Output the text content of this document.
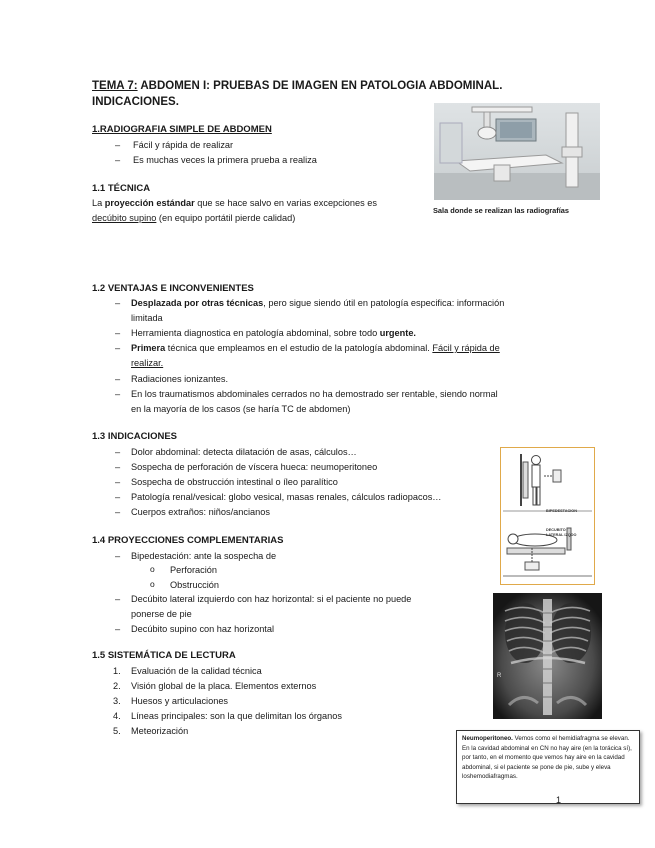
TEMA 7: ABDOMEN I: PRUEBAS DE IMAGEN EN PATOLOGIA ABDOMINAL.
INDICACIONES.
1.RADIOGRAFIA SIMPLE DE ABDOMEN
– Fácil y rápida de realizar
– Es muchas veces la primera prueba a realiza
1.1 TÉCNICA
La proyección estándar que se hace salvo en varias excepciones es
decúbito supino (en equipo portátil pierde calidad)
Sala donde se realizan las radiografías
1.2 VENTAJAS E INCONVENIENTES
– Desplazada por otras técnicas, pero sigue siendo útil en patología especifica: información
limitada
– Herramienta diagnostica en patología abdominal, sobre todo urgente.
– Primera técnica que empleamos en el estudio de la patología abdominal. Fácil y rápida de
realizar.
– Radiaciones ionizantes.
– En los traumatismos abdominales cerrados no ha demostrado ser rentable, siendo normal
en la mayoría de los casos (se haría TC de abdomen)
1.3 INDICACIONES
– Dolor abdominal: detecta dilatación de asas, cálculos…
– Sospecha de perforación de víscera hueca: neumoperitoneo
– Sospecha de obstrucción intestinal o íleo paralítico
– Patología renal/vesical: globo vesical, masas renales, cálculos radiopacos…
– Cuerpos extraños: niños/ancianos	BIPEDESTACION
DECUBITO
LATERAL IZQDO
1.4 PROYECCIONES COMPLEMENTARIAS
– Bipedestación: ante la sospecha de
o Perforación
o Obstrucción
– Decúbito lateral izquierdo con haz horizontal: si el paciente no puede
ponerse de pie
– Decúbito supino con haz horizontal
R
1.5 SISTEMÁTICA DE LECTURA
1. Evaluación de la calidad técnica
2. Visión global de la placa. Elementos externos
3. Huesos y articulaciones
4. Líneas principales: son la que delimitan los órganos
5. Meteorización
Neumoperitoneo. Vemos como el hemidiafragma se elevan. En la cavidad abdominal en CN no hay aire (en la torácica sí), por tanto, en el momento que vemos hay aire en la cavidad abdominal, si el paciente se pone de pie, sube y eleva loshemodiafragmas.
1
